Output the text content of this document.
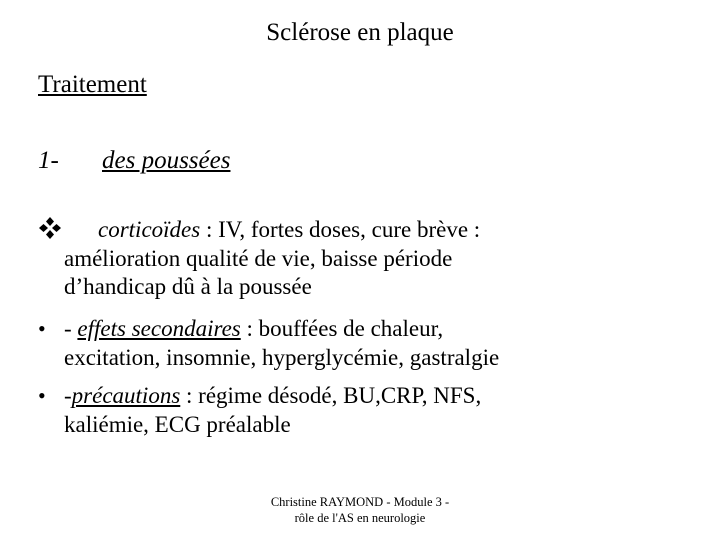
Sclérose en plaque
Traitement
1- des poussées
corticoïdes : IV, fortes doses, cure brève :
amélioration qualité de vie, baisse période
d’handicap dû à la poussée
• - effets secondaires : bouffées de chaleur,
excitation, insomnie, hyperglycémie, gastralgie
• -précautions : régime désodé, BU,CRP, NFS,
kaliémie, ECG préalable
Christine RAYMOND - Module 3 -
rôle de l'AS en neurologie
